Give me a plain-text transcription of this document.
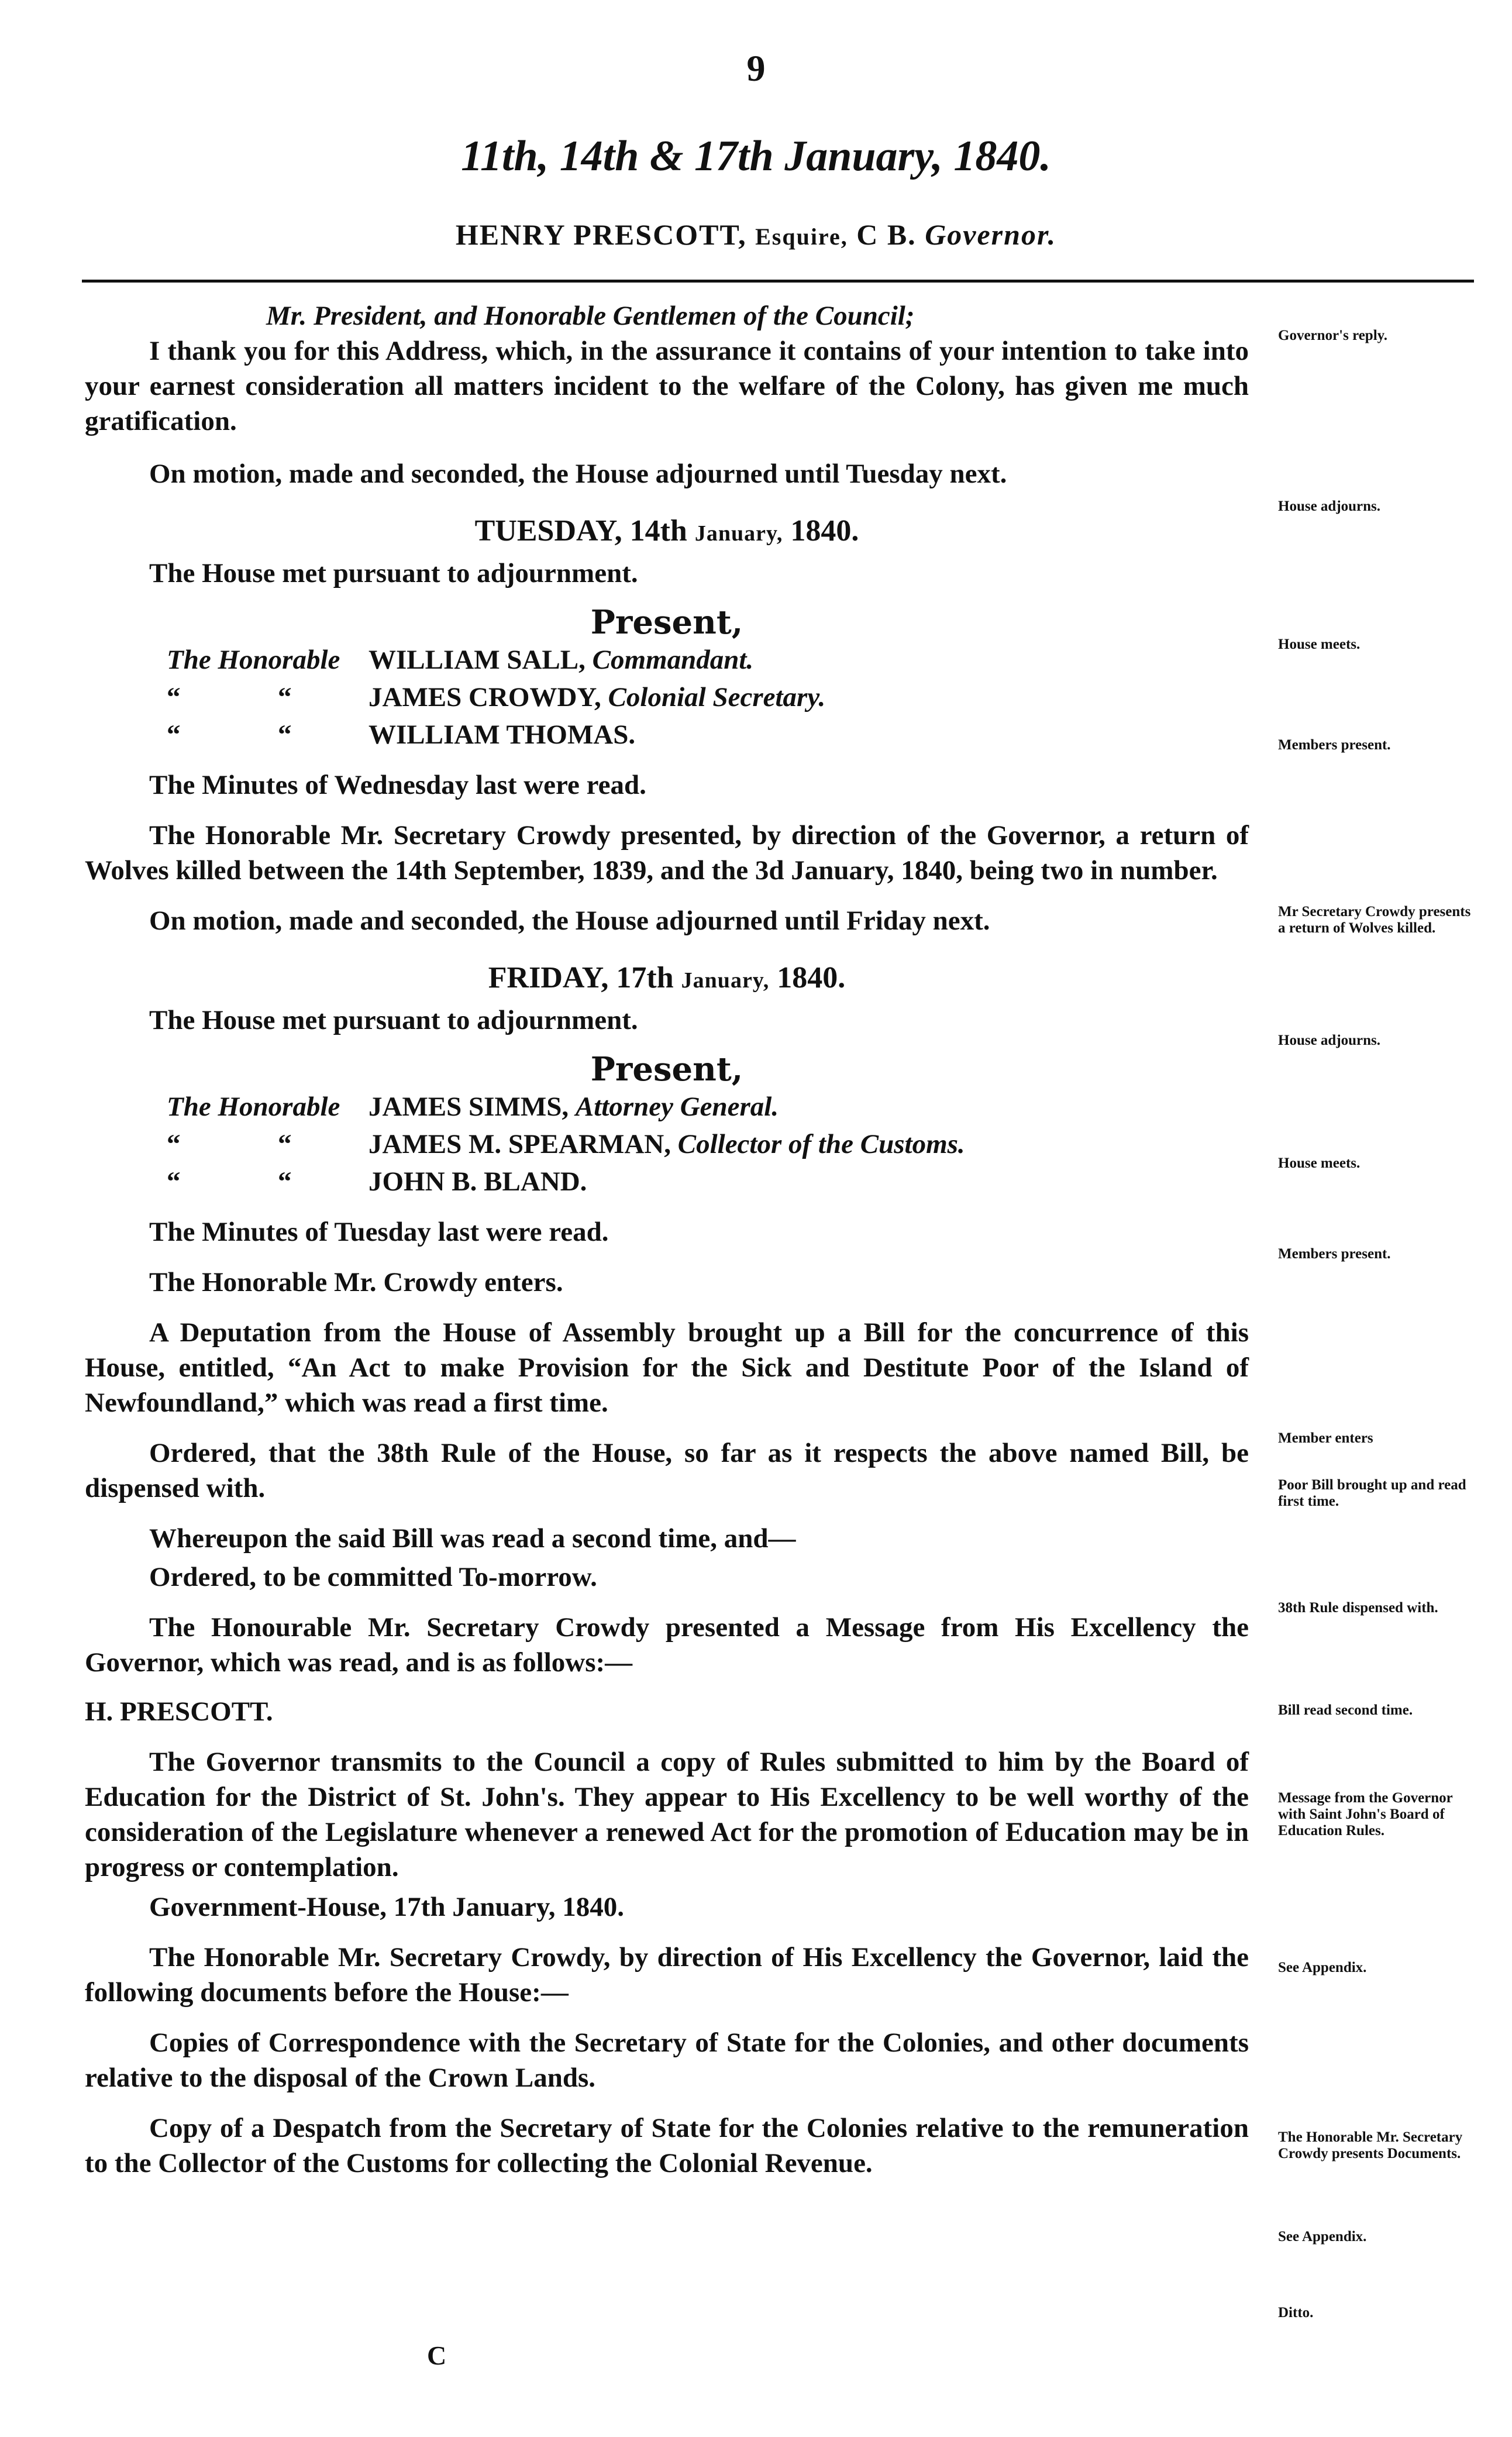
9
11th, 14th & 17th January, 1840.
HENRY PRESCOTT, Esquire, C B. Governor.

Mr. President, and Honorable Gentlemen of the Council;

I thank you for this Address, which, in the assurance it contains of your intention to take into your earnest consideration all matters incident to the welfare of the Colony, has given me much gratification.

On motion, made and seconded, the House adjourned until Tuesday next.

TUESDAY, 14th January, 1840.

The House met pursuant to adjournment.

Present,

The Honorable WILLIAM SALL, Commandant.

“	“	JAMES CROWDY, Colonial Secretary.

“	“	WILLIAM THOMAS.

The Minutes of Wednesday last were read.

The Honorable Mr. Secretary Crowdy presented, by direction of the Governor, a return of Wolves killed between the 14th September, 1839, and the 3d January, 1840, being two in number.

On motion, made and seconded, the House adjourned until Friday next.

FRIDAY, 17th January, 1840.

The House met pursuant to adjournment.

Present,

The Honorable JAMES SIMMS, Attorney General.

“	“	JAMES M. SPEARMAN, Collector of the Customs.

“	“	JOHN B. BLAND.

The Minutes of Tuesday last were read.

The Honorable Mr. Crowdy enters.

A Deputation from the House of Assembly brought up a Bill for the concurrence of this House, entitled, “An Act to make Provision for the Sick and Destitute Poor of the Island of Newfoundland,” which was read a first time.

Ordered, that the 38th Rule of the House, so far as it respects the above named Bill, be dispensed with.

Whereupon the said Bill was read a second time, and—

Ordered, to be committed To-morrow.

The Honourable Mr. Secretary Crowdy presented a Message from His Excellency the Governor, which was read, and is as follows:—

H. PRESCOTT.

The Governor transmits to the Council a copy of Rules submitted to him by the Board of Education for the District of St. John's. They appear to His Excellency to be well worthy of the consideration of the Legislature whenever a renewed Act for the promotion of Education may be in progress or contemplation.

Government-House, 17th January, 1840.

The Honorable Mr. Secretary Crowdy, by direction of His Excellency the Governor, laid the following documents before the House:—

Copies of Correspondence with the Secretary of State for the Colonies, and other documents relative to the disposal of the Crown Lands.

Copy of a Despatch from the Secretary of State for the Colonies relative to the remuneration to the Collector of the Customs for collecting the Colonial Revenue.

Governor's reply.
House adjourns.
House meets.
Members present.
Mr Secretary Crowdy presents a return of Wolves killed.
House adjourns.
House meets.
Members present.
Member enters
Poor Bill brought up and read first time.
38th Rule dispensed with.
Bill read second time.
Message from the Governor with Saint John's Board of Education Rules.
See Appendix.
The Honorable Mr. Secretary Crowdy presents Documents.
See Appendix.
Ditto.
C
